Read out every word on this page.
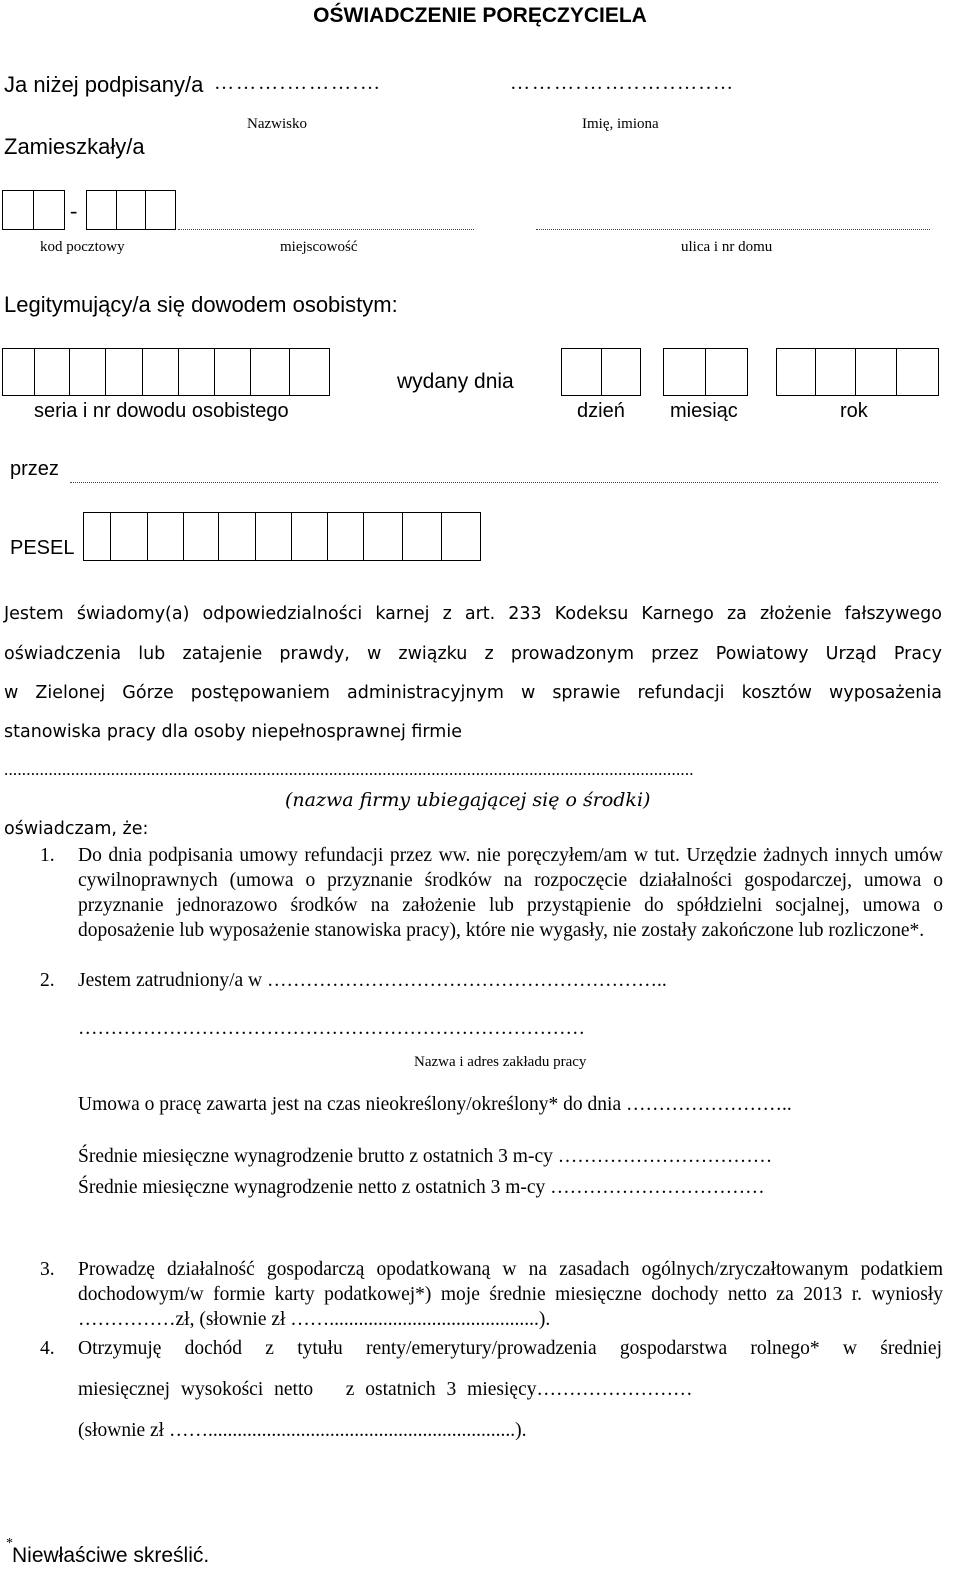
OŚWIADCZENIE PORĘCZYCIELA
Ja niżej podpisany/a ……….……….…	……….……..…..…..…
Nazwisko	Imię, imiona
Zamieszkały/a
-
kod pocztowy	miejscowość	ulica i nr domu
Legitymujący/a się dowodem osobistym:
wydany dnia
seria i nr dowodu osobistego	dzień miesiąc	rok
przez
PESEL
Jestem świadomy(a) odpowiedzialności karnej z art. 233 Kodeksu Karnego za złożenie fałszywego
oświadczenia lub zatajenie prawdy, w związku z prowadzonym przez Powiatowy Urząd Pracy
w Zielonej Górze postępowaniem administracyjnym w sprawie refundacji kosztów wyposażenia
stanowiska pracy dla osoby niepełnosprawnej firmie
...........................................................................................................................................................
(nazwa firmy ubiegającej się o środki)
oświadczam, że:
1. Do dnia podpisania umowy refundacji przez ww. nie poręczyłem/am w tut. Urzędzie żadnych innych umów cywilnoprawnych (umowa o przyznanie środków na rozpoczęcie działalności gospodarczej, umowa o przyznanie jednorazowo środków na założenie lub przystąpienie do spółdzielni socjalnej, umowa o doposażenie lub wyposażenie stanowiska pracy), które nie wygasły, nie zostały zakończone lub rozliczone*.
2. Jestem zatrudniony/a w ……………………………………………………..
……………………………………………………………………
Nazwa i adres zakładu pracy
Umowa o pracę zawarta jest na czas nieokreślony/określony* do dnia ……………………..
Średnie miesięczne wynagrodzenie brutto z ostatnich 3 m-cy ……………………………
Średnie miesięczne wynagrodzenie netto z ostatnich 3 m-cy ……………………………
3. Prowadzę działalność gospodarczą opodatkowaną w na zasadach ogólnych/zryczałtowanym podatkiem dochodowym/w formie karty podatkowej*) moje średnie miesięczne dochody netto za 2013 r. wyniosły ……………zł, (słownie zł ……...........................................).
4. Otrzymuję dochód z tytułu renty/emerytury/prowadzenia gospodarstwa rolnego* w średniej
miesięcznej wysokości netto   z ostatnich 3 miesięcy……………………
(słownie zł ……...............................................................).
*
Niewłaściwe skreślić.
